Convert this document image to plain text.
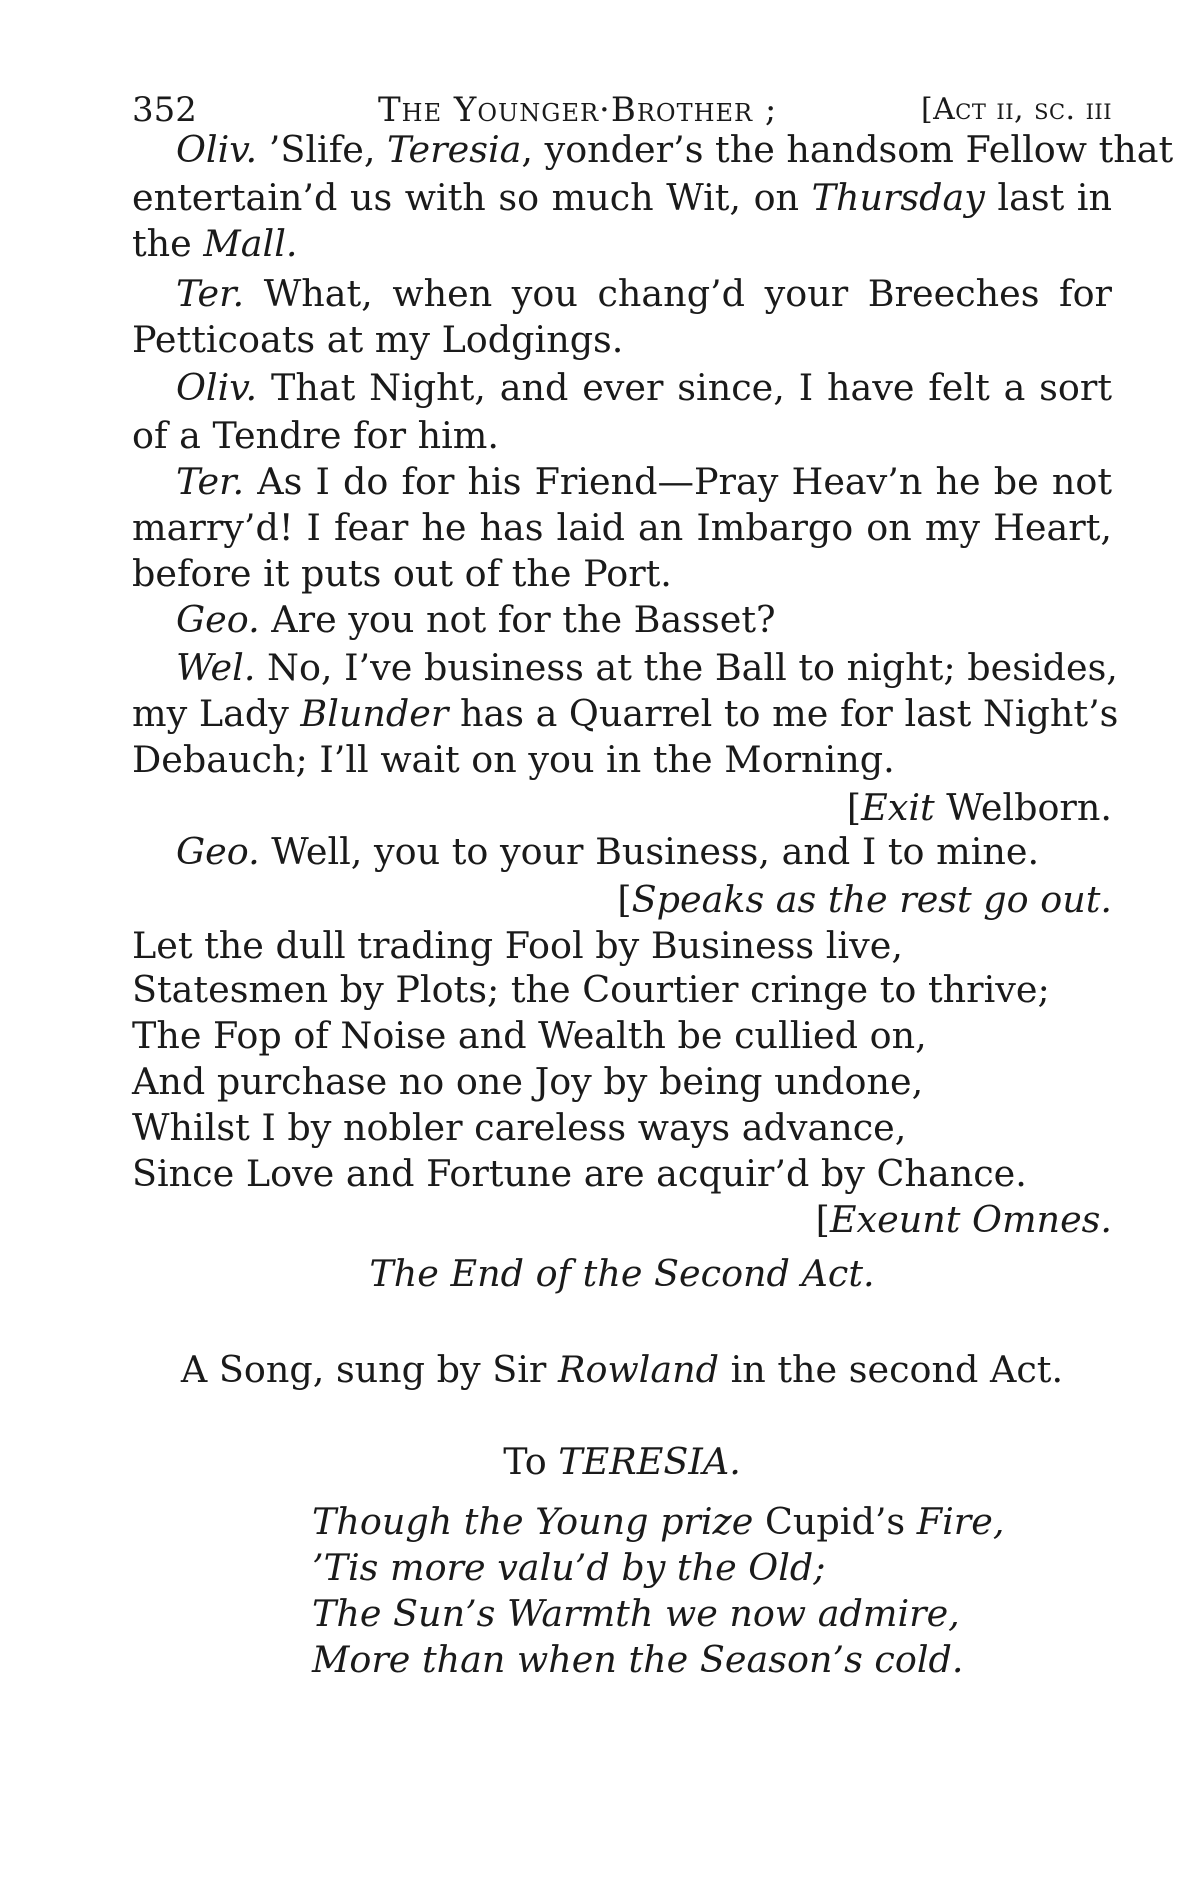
352	The Younger·Brother ;	[Act ii, sc. iii
Oliv. ’Slife, Teresia, yonder’s the handsom Fellow that
entertain’d us with so much Wit, on Thursday last in
the Mall.
Ter. What, when you chang’d your Breeches for
Petticoats at my Lodgings.
Oliv. That Night, and ever since, I have felt a sort
of a Tendre for him.
Ter. As I do for his Friend—Pray Heav’n he be not
marry’d! I fear he has laid an Imbargo on my Heart,
before it puts out of the Port.
Geo. Are you not for the Basset?
Wel. No, I’ve business at the Ball to night; besides,
my Lady Blunder has a Quarrel to me for last Night’s
Debauch; I’ll wait on you in the Morning.
[Exit Welborn.
Geo. Well, you to your Business, and I to mine.
[Speaks as the rest go out.
Let the dull trading Fool by Business live,
Statesmen by Plots; the Courtier cringe to thrive;
The Fop of Noise and Wealth be cullied on,
And purchase no one Joy by being undone,
Whilst I by nobler careless ways advance,
Since Love and Fortune are acquir’d by Chance.
[Exeunt Omnes.
The End of the Second Act.
A Song, sung by Sir Rowland in the second Act.
To TERESIA.
Though the Young prize Cupid’s Fire,
’Tis more valu’d by the Old;
The Sun’s Warmth we now admire,
More than when the Season’s cold.
